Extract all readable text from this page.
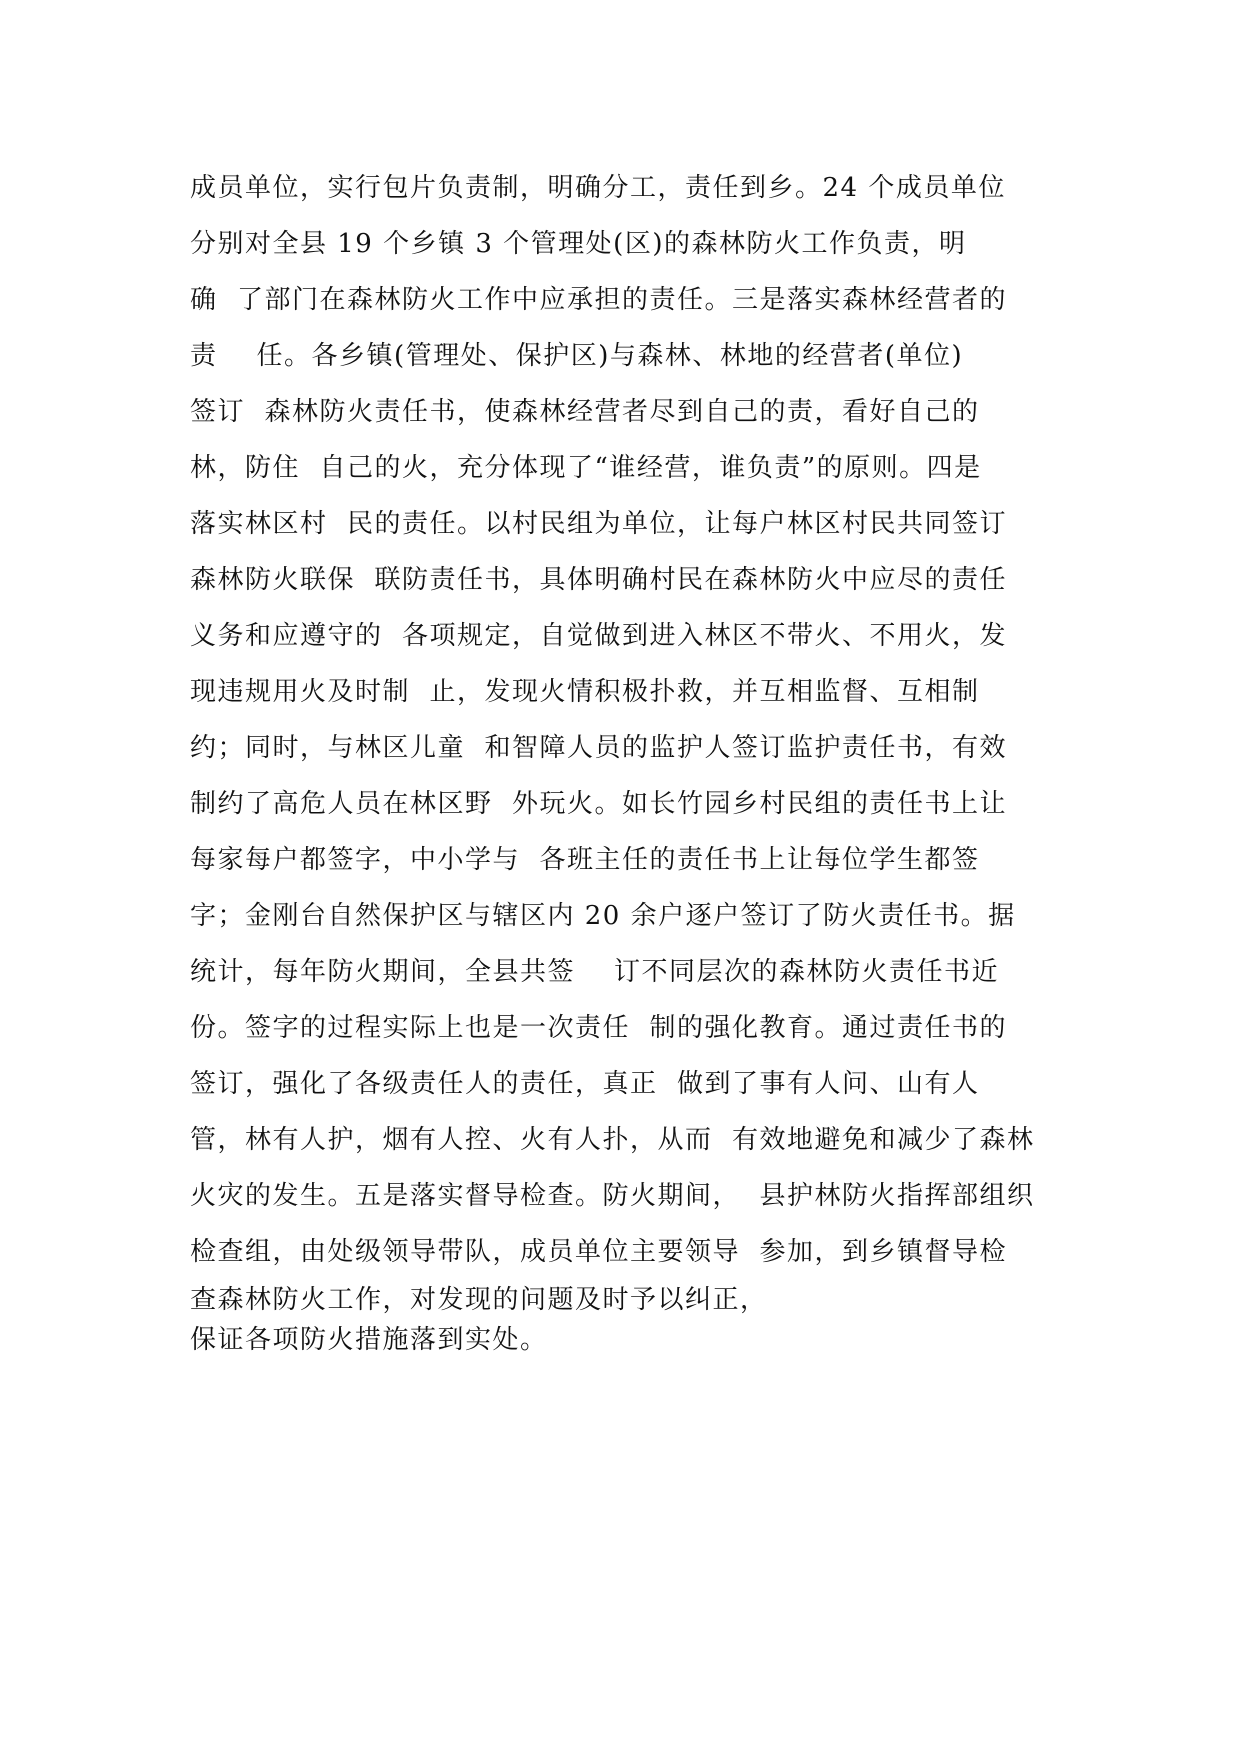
成员单位，实行包片负责制，明确分工，责任到乡。24 个成员单位
分别对全县 19 个乡镇 3 个管理处(区)的森林防火工作负责，明
确  了部门在森林防火工作中应承担的责任。三是落实森林经营者的
责    任。各乡镇(管理处、保护区)与森林、林地的经营者(单位)
签订  森林防火责任书，使森林经营者尽到自己的责，看好自己的
林，防住  自己的火，充分体现了“谁经营，谁负责”的原则。四是
落实林区村  民的责任。以村民组为单位，让每户林区村民共同签订
森林防火联保  联防责任书，具体明确村民在森林防火中应尽的责任
义务和应遵守的  各项规定，自觉做到进入林区不带火、不用火，发
现违规用火及时制  止，发现火情积极扑救，并互相监督、互相制
约；同时，与林区儿童  和智障人员的监护人签订监护责任书，有效
制约了高危人员在林区野  外玩火。如长竹园乡村民组的责任书上让
每家每户都签字，中小学与  各班主任的责任书上让每位学生都签
字；金刚台自然保护区与辖区内 20 余户逐户签订了防火责任书。据
统计，每年防火期间，全县共签    订不同层次的森林防火责任书近
份。签字的过程实际上也是一次责任  制的强化教育。通过责任书的
签订，强化了各级责任人的责任，真正  做到了事有人问、山有人
管，林有人护，烟有人控、火有人扑，从而  有效地避免和减少了森林
火灾的发生。五是落实督导检查。防火期间，  县护林防火指挥部组织
检查组，由处级领导带队，成员单位主要领导  参加，到乡镇督导检
查森林防火工作，对发现的问题及时予以纠正，
保证各项防火措施落到实处。
